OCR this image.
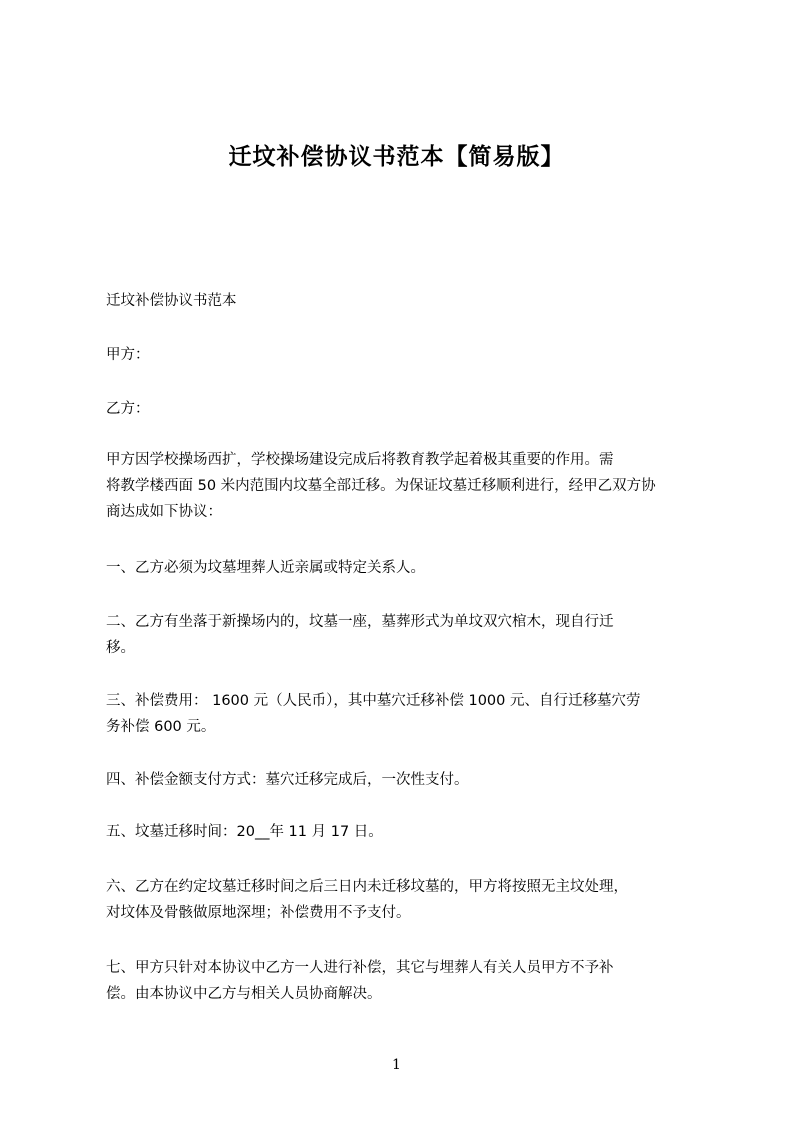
迁坟补偿协议书范本【简易版】
迁坟补偿协议书范本
甲方：
乙方：
甲方因学校操场西扩，学校操场建设完成后将教育教学起着极其重要的作用。需
将教学楼西面 50 米内范围内坟墓全部迁移。为保证坟墓迁移顺利进行，经甲乙双方协
商达成如下协议：
一、乙方必须为坟墓埋葬人近亲属或特定关系人。
二、乙方有坐落于新操场内的，坟墓一座，墓葬形式为单坟双穴棺木，现自行迁
移。
三、补偿费用： 1600 元（人民币），其中墓穴迁移补偿 1000 元、自行迁移墓穴劳
务补偿 600 元。
四、补偿金额支付方式：墓穴迁移完成后，一次性支付。
五、坟墓迁移时间：20__年 11 月 17 日。
六、乙方在约定坟墓迁移时间之后三日内未迁移坟墓的，甲方将按照无主坟处理，
对坟体及骨骸做原地深埋；补偿费用不予支付。
七、甲方只针对本协议中乙方一人进行补偿，其它与埋葬人有关人员甲方不予补
偿。由本协议中乙方与相关人员协商解决。
1
